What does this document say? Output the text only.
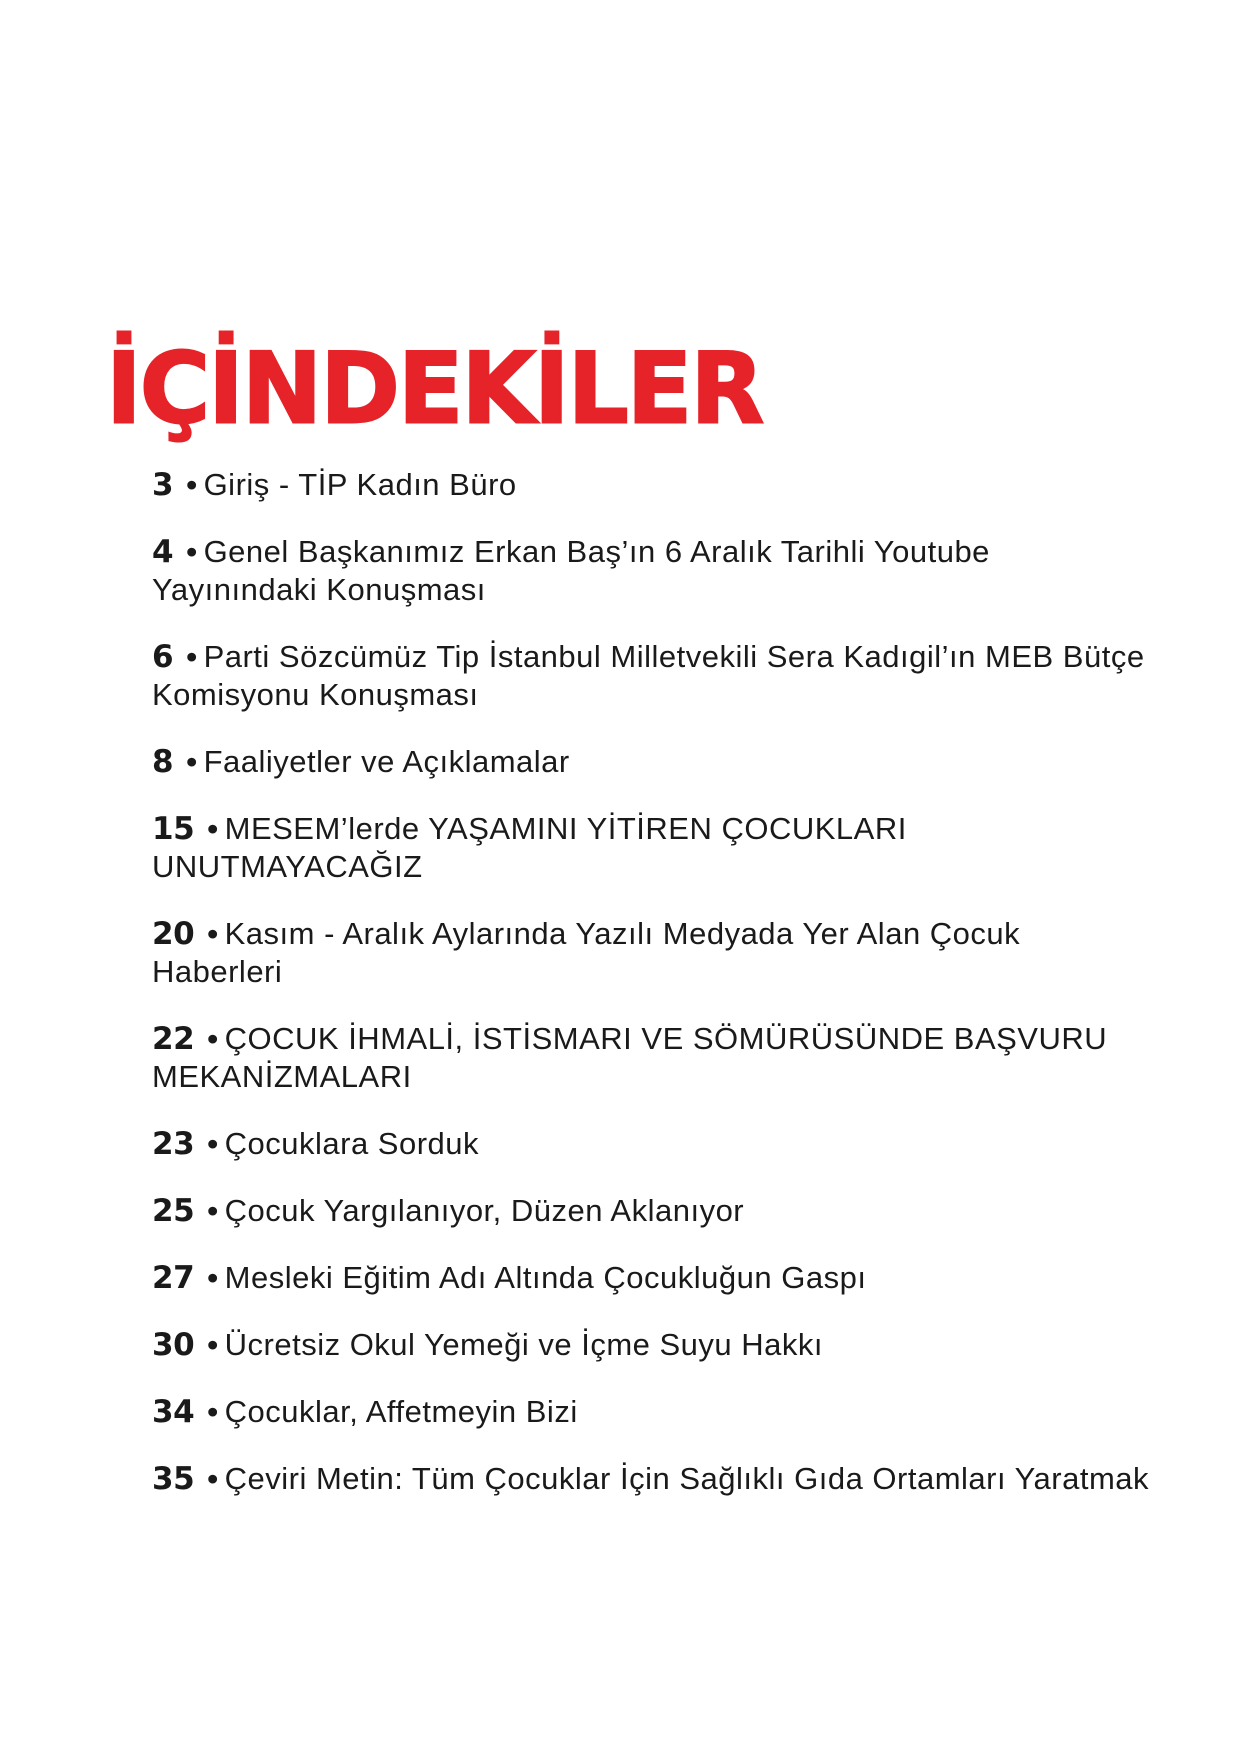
İÇİNDEKİLER
3 • Giriş - TİP Kadın Büro
4 • Genel Başkanımız Erkan Baş’ın 6 Aralık Tarihli Youtube Yayınındaki Konuşması
6 • Parti Sözcümüz Tip İstanbul Milletvekili Sera Kadıgil’ın MEB Bütçe Komisyonu Konuşması
8 • Faaliyetler ve Açıklamalar
15 • MESEM’lerde YAŞAMINI YİTİREN ÇOCUKLARI UNUTMAYACAĞIZ
20 • Kasım - Aralık Aylarında Yazılı Medyada Yer Alan Çocuk Haberleri
22 • ÇOCUK İHMALİ, İSTİSMARI VE SÖMÜRÜSÜNDE BAŞVURU MEKANİZMALARI
23 • Çocuklara Sorduk
25 • Çocuk Yargılanıyor, Düzen Aklanıyor
27 • Mesleki Eğitim Adı Altında Çocukluğun Gaspı
30 • Ücretsiz Okul Yemeği ve İçme Suyu Hakkı
34 • Çocuklar, Affetmeyin Bizi
35 • Çeviri Metin: Tüm Çocuklar İçin Sağlıklı Gıda Ortamları Yaratmak
